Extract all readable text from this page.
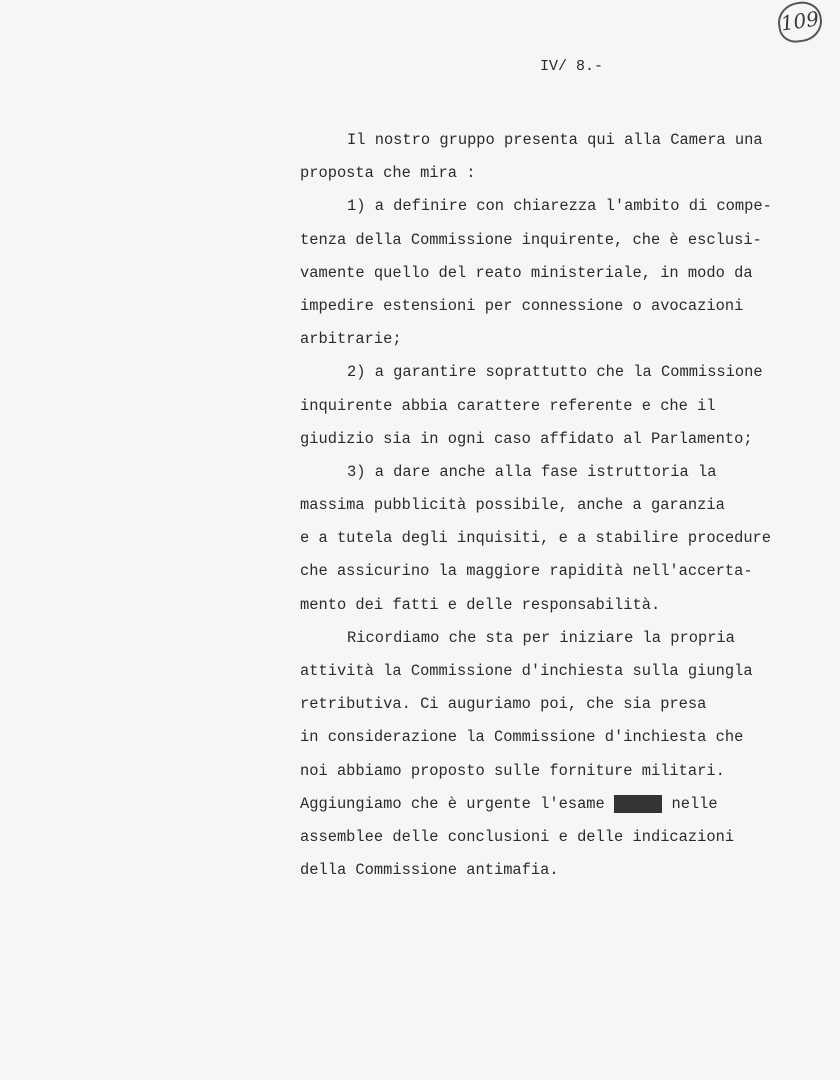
109
IV/ 8.-
Il nostro gruppo presenta qui alla Camera una
proposta che mira :
1) a definire con chiarezza l'ambito di compe-
tenza della Commissione inquirente, che è esclusi-
vamente quello del reato ministeriale, in modo da
impedire estensioni per connessione o avocazioni
arbitrarie;
2) a garantire soprattutto che la Commissione
inquirente abbia carattere referente e che il
giudizio sia in ogni caso affidato al Parlamento;
3) a dare anche alla fase istruttoria la
massima pubblicità possibile, anche a garanzia
e a tutela degli inquisiti, e a stabilire procedure
che assicurino la maggiore rapidità nell'accerta-
mento dei fatti e delle responsabilità.
Ricordiamo che sta per iniziare la propria
attività la Commissione d'inchiesta sulla giungla
retributiva. Ci auguriamo poi, che sia presa
in considerazione la Commissione d'inchiesta che
noi abbiamo proposto sulle forniture militari.
Aggiungiamo che è urgente l'esame delle nelle
assemblee delle conclusioni e delle indicazioni
della Commissione antimafia.
